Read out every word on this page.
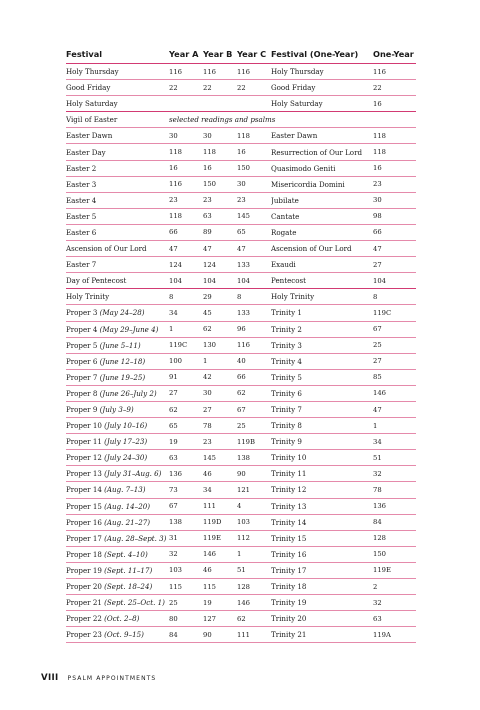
Festival	Year A	Year B	Year C	Festival (One-Year)	One-Year
Holy Thursday	116	116	116	Holy Thursday	116
Good Friday	22	22	22	Good Friday	22
Holy Saturday				Holy Saturday	16
Vigil of Easter	selected readings and psalms				
Easter Dawn	30	30	118	Easter Dawn	118
Easter Day	118	118	16	Resurrection of Our Lord	118
Easter 2	16	16	150	Quasimodo Geniti	16
Easter 3	116	150	30	Misericordia Domini	23
Easter 4	23	23	23	Jubilate	30
Easter 5	118	63	145	Cantate	98
Easter 6	66	89	65	Rogate	66
Ascension of Our Lord	47	47	47	Ascension of Our Lord	47
Easter 7	124	124	133	Exaudi	27
Day of Pentecost	104	104	104	Pentecost	104
Holy Trinity	8	29	8	Holy Trinity	8
Proper 3 (May 24–28)	34	45	133	Trinity 1	119C
Proper 4 (May 29–June 4)	1	62	96	Trinity 2	67
Proper 5 (June 5–11)	119C	130	116	Trinity 3	25
Proper 6 (June 12–18)	100	1	40	Trinity 4	27
Proper 7 (June 19–25)	91	42	66	Trinity 5	85
Proper 8 (June 26–July 2)	27	30	62	Trinity 6	146
Proper 9 (July 3–9)	62	27	67	Trinity 7	47
Proper 10 (July 10–16)	65	78	25	Trinity 8	1
Proper 11 (July 17–23)	19	23	119B	Trinity 9	34
Proper 12 (July 24–30)	63	145	138	Trinity 10	51
Proper 13 (July 31–Aug. 6)	136	46	90	Trinity 11	32
Proper 14 (Aug. 7–13)	73	34	121	Trinity 12	78
Proper 15 (Aug. 14–20)	67	111	4	Trinity 13	136
Proper 16 (Aug. 21–27)	138	119D	103	Trinity 14	84
Proper 17 (Aug. 28–Sept. 3)	31	119E	112	Trinity 15	128
Proper 18 (Sept. 4–10)	32	146	1	Trinity 16	150
Proper 19 (Sept. 11–17)	103	46	51	Trinity 17	119E
Proper 20 (Sept. 18–24)	115	115	128	Trinity 18	2
Proper 21 (Sept. 25–Oct. 1)	25	19	146	Trinity 19	32
Proper 22 (Oct. 2–8)	80	127	62	Trinity 20	63
Proper 23 (Oct. 9–15)	84	90	111	Trinity 21	119A
VIII PSALM APPOINTMENTS
